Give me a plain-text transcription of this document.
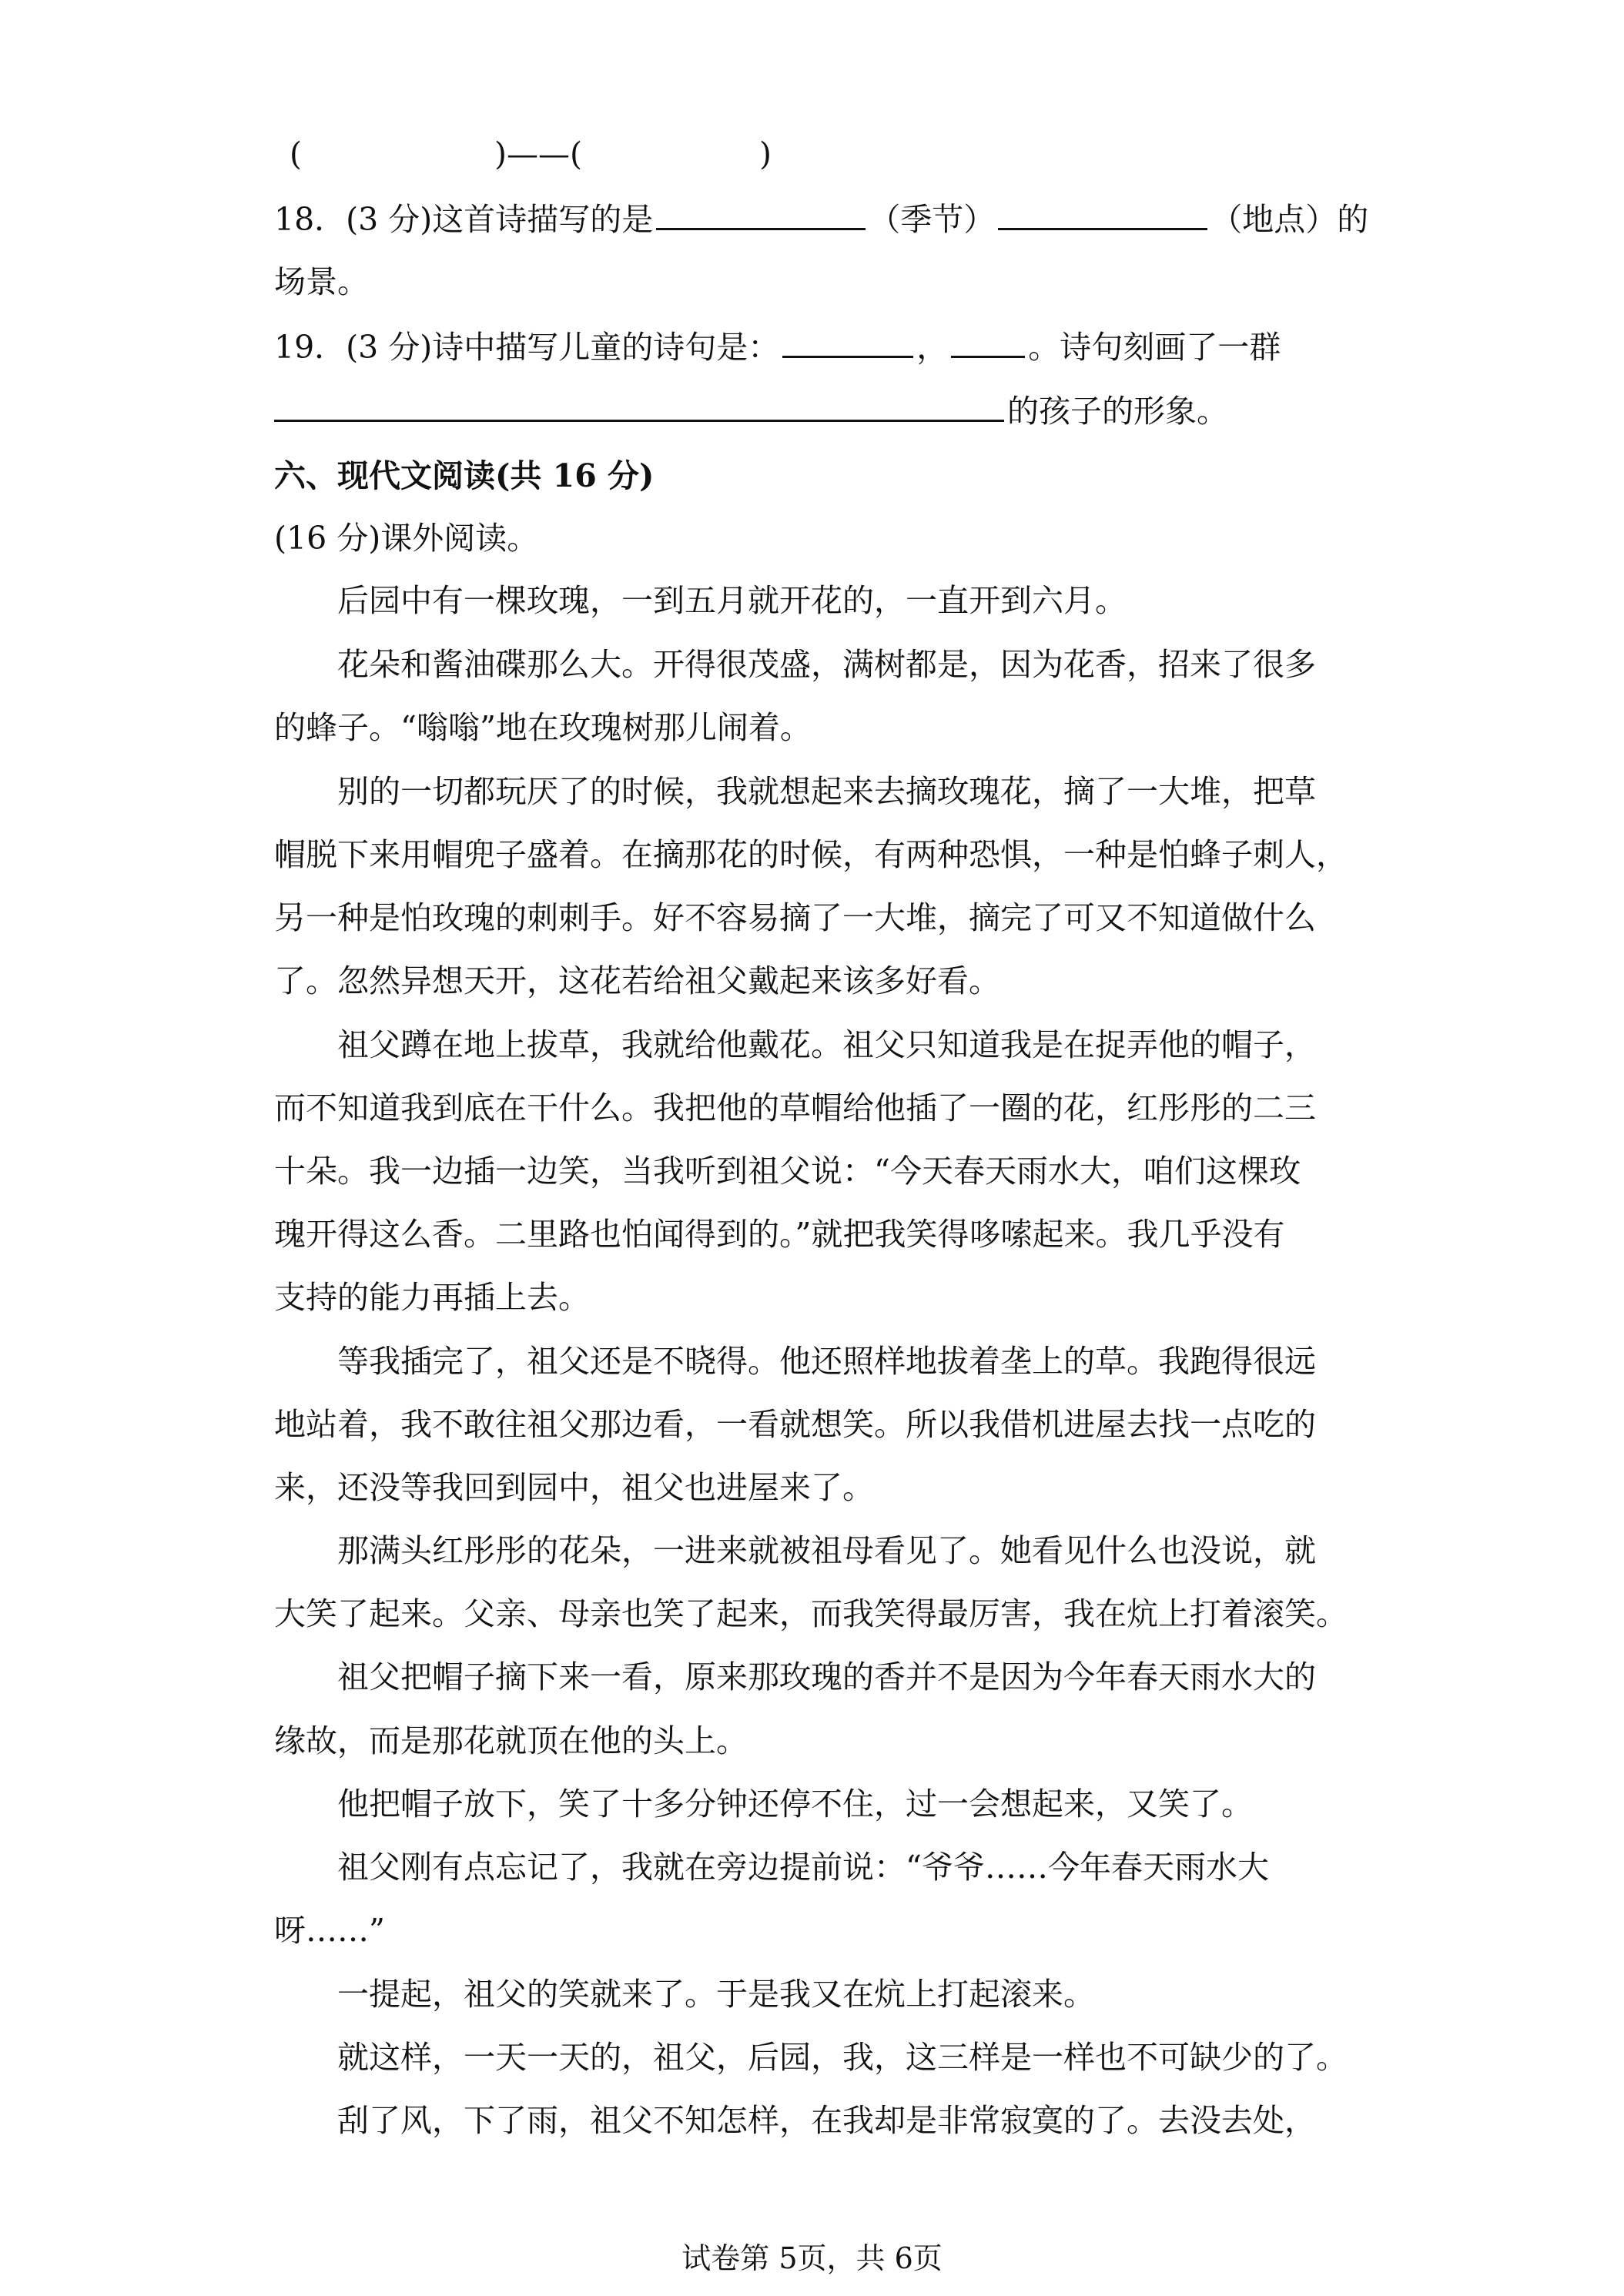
(	)——(	)
18．(3 分)这首诗描写的是	（季节）	（地点）的
场景。
19．(3 分)诗中描写儿童的诗句是：	，	。诗句刻画了一群
的孩子的形象。
六、现代文阅读(共 16 分)
(16 分)课外阅读。
后园中有一棵玫瑰，一到五月就开花的，一直开到六月。
花朵和酱油碟那么大。开得很茂盛，满树都是，因为花香，招来了很多
的蜂子。“嗡嗡”地在玫瑰树那儿闹着。
别的一切都玩厌了的时候，我就想起来去摘玫瑰花，摘了一大堆，把草
帽脱下来用帽兜子盛着。在摘那花的时候，有两种恐惧，一种是怕蜂子刺人，
另一种是怕玫瑰的刺刺手。好不容易摘了一大堆，摘完了可又不知道做什么
了。忽然异想天开，这花若给祖父戴起来该多好看。
祖父蹲在地上拔草，我就给他戴花。祖父只知道我是在捉弄他的帽子，
而不知道我到底在干什么。我把他的草帽给他插了一圈的花，红彤彤的二三
十朵。我一边插一边笑，当我听到祖父说：“今天春天雨水大，咱们这棵玫
瑰开得这么香。二里路也怕闻得到的。”就把我笑得哆嗦起来。我几乎没有
支持的能力再插上去。
等我插完了，祖父还是不晓得。他还照样地拔着垄上的草。我跑得很远
地站着，我不敢往祖父那边看，一看就想笑。所以我借机进屋去找一点吃的
来，还没等我回到园中，祖父也进屋来了。
那满头红彤彤的花朵，一进来就被祖母看见了。她看见什么也没说，就
大笑了起来。父亲、母亲也笑了起来，而我笑得最厉害，我在炕上打着滚笑。
祖父把帽子摘下来一看，原来那玫瑰的香并不是因为今年春天雨水大的
缘故，而是那花就顶在他的头上。
他把帽子放下，笑了十多分钟还停不住，过一会想起来，又笑了。
祖父刚有点忘记了，我就在旁边提前说：“爷爷……今年春天雨水大
呀……”
一提起，祖父的笑就来了。于是我又在炕上打起滚来。
就这样，一天一天的，祖父，后园，我，这三样是一样也不可缺少的了。
刮了风，下了雨，祖父不知怎样，在我却是非常寂寞的了。去没去处，
试卷第 5页，共 6页
